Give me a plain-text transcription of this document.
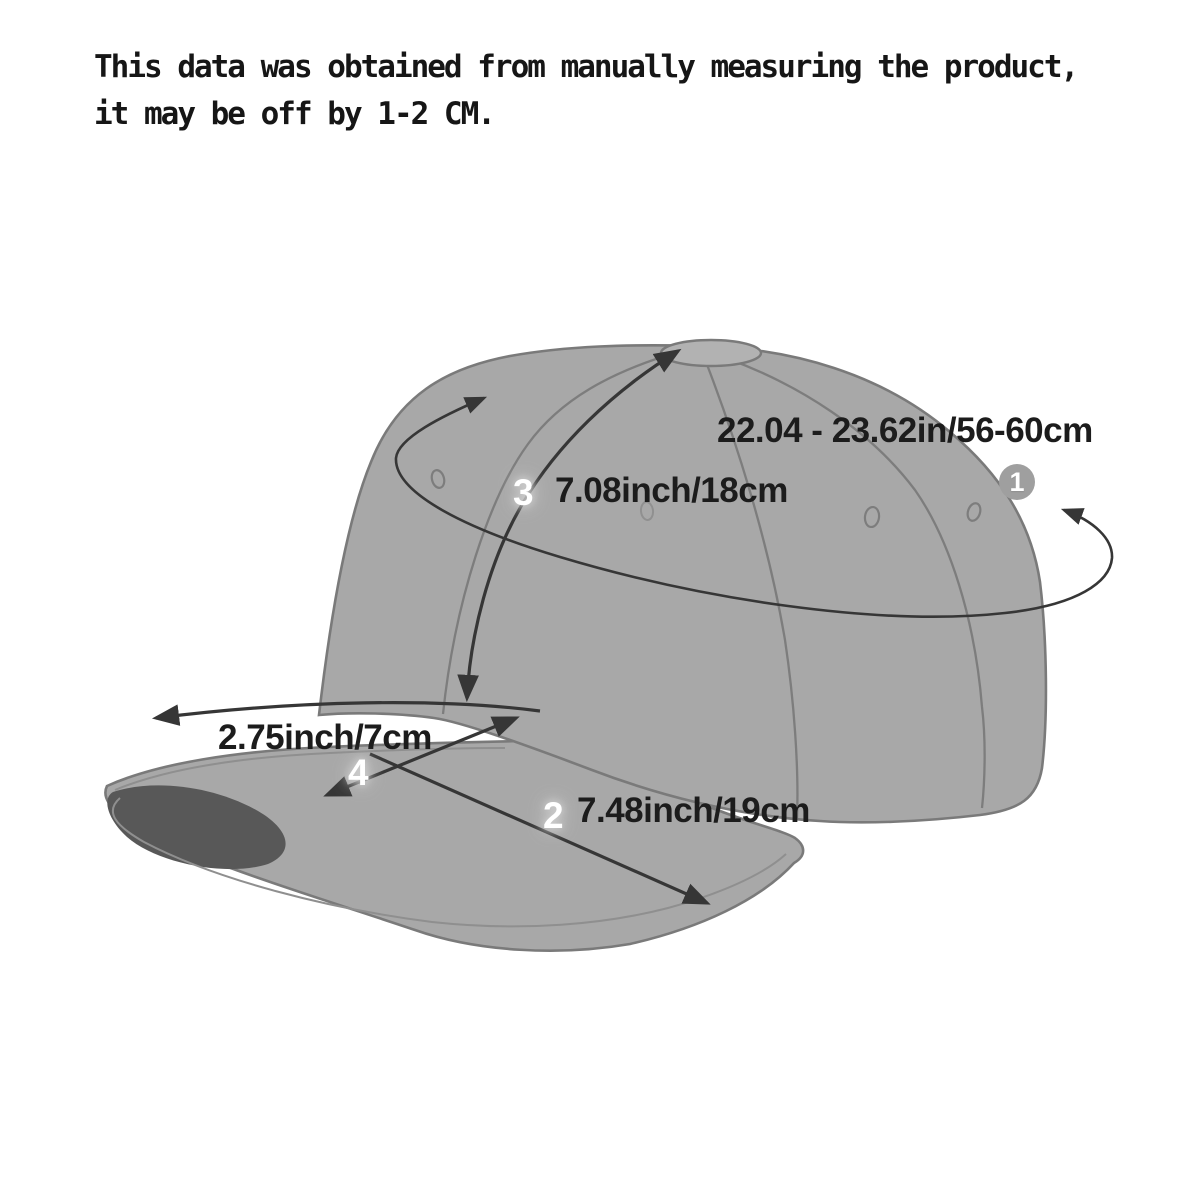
This data was obtained from manually measuring the product,
it may be off by 1-2 CM.
22.04 - 23.62in/56-60cm
1
3 7.08inch/18cm
2.75inch/7cm
4
2 7.48inch/19cm
